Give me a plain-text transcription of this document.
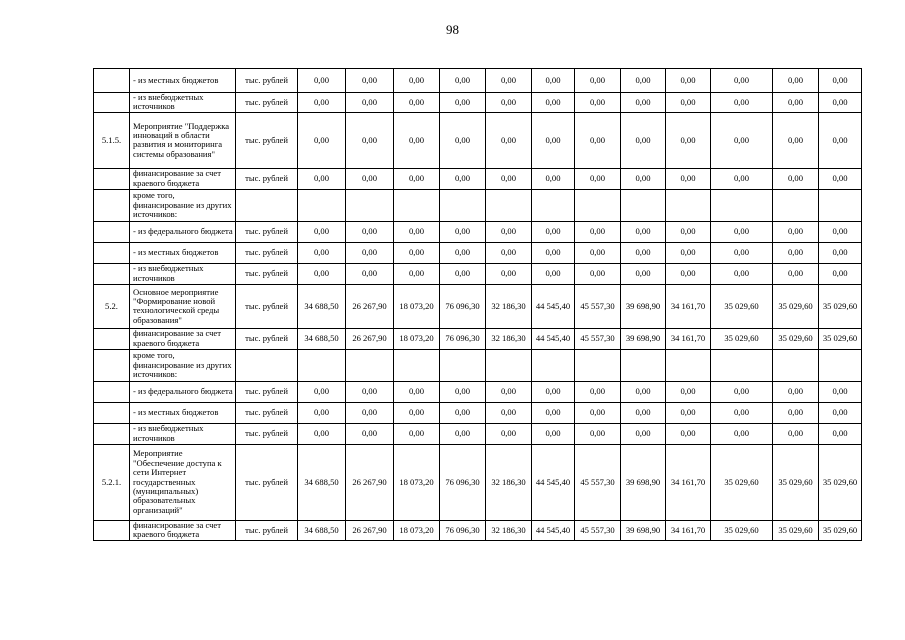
98
	- из местных бюджетов	тыс. рублей	0,00	0,00	0,00	0,00	0,00	0,00	0,00	0,00	0,00	0,00	0,00	0,00
	- из внебюджетных источников	тыс. рублей	0,00	0,00	0,00	0,00	0,00	0,00	0,00	0,00	0,00	0,00	0,00	0,00
5.1.5.	Мероприятие "Поддержка инноваций в области развития и мониторинга системы образования"	тыс. рублей	0,00	0,00	0,00	0,00	0,00	0,00	0,00	0,00	0,00	0,00	0,00	0,00
	финансирование за счет краевого бюджета	тыс. рублей	0,00	0,00	0,00	0,00	0,00	0,00	0,00	0,00	0,00	0,00	0,00	0,00
	кроме того, финансирование из других источников:													
	- из федерального бюджета	тыс. рублей	0,00	0,00	0,00	0,00	0,00	0,00	0,00	0,00	0,00	0,00	0,00	0,00
	- из местных бюджетов	тыс. рублей	0,00	0,00	0,00	0,00	0,00	0,00	0,00	0,00	0,00	0,00	0,00	0,00
	- из внебюджетных источников	тыс. рублей	0,00	0,00	0,00	0,00	0,00	0,00	0,00	0,00	0,00	0,00	0,00	0,00
5.2.	Основное мероприятие "Формирование новой технологической среды образования"	тыс. рублей	34 688,50	26 267,90	18 073,20	76 096,30	32 186,30	44 545,40	45 557,30	39 698,90	34 161,70	35 029,60	35 029,60	35 029,60
	финансирование за счет краевого бюджета	тыс. рублей	34 688,50	26 267,90	18 073,20	76 096,30	32 186,30	44 545,40	45 557,30	39 698,90	34 161,70	35 029,60	35 029,60	35 029,60
	кроме того, финансирование из других источников:													
	- из федерального бюджета	тыс. рублей	0,00	0,00	0,00	0,00	0,00	0,00	0,00	0,00	0,00	0,00	0,00	0,00
	- из местных бюджетов	тыс. рублей	0,00	0,00	0,00	0,00	0,00	0,00	0,00	0,00	0,00	0,00	0,00	0,00
	- из внебюджетных источников	тыс. рублей	0,00	0,00	0,00	0,00	0,00	0,00	0,00	0,00	0,00	0,00	0,00	0,00
5.2.1.	Мероприятие "Обеспечение доступа к сети Интернет государственных (муниципальных) образовательных организаций"	тыс. рублей	34 688,50	26 267,90	18 073,20	76 096,30	32 186,30	44 545,40	45 557,30	39 698,90	34 161,70	35 029,60	35 029,60	35 029,60
	финансирование за счет краевого бюджета	тыс. рублей	34 688,50	26 267,90	18 073,20	76 096,30	32 186,30	44 545,40	45 557,30	39 698,90	34 161,70	35 029,60	35 029,60	35 029,60
